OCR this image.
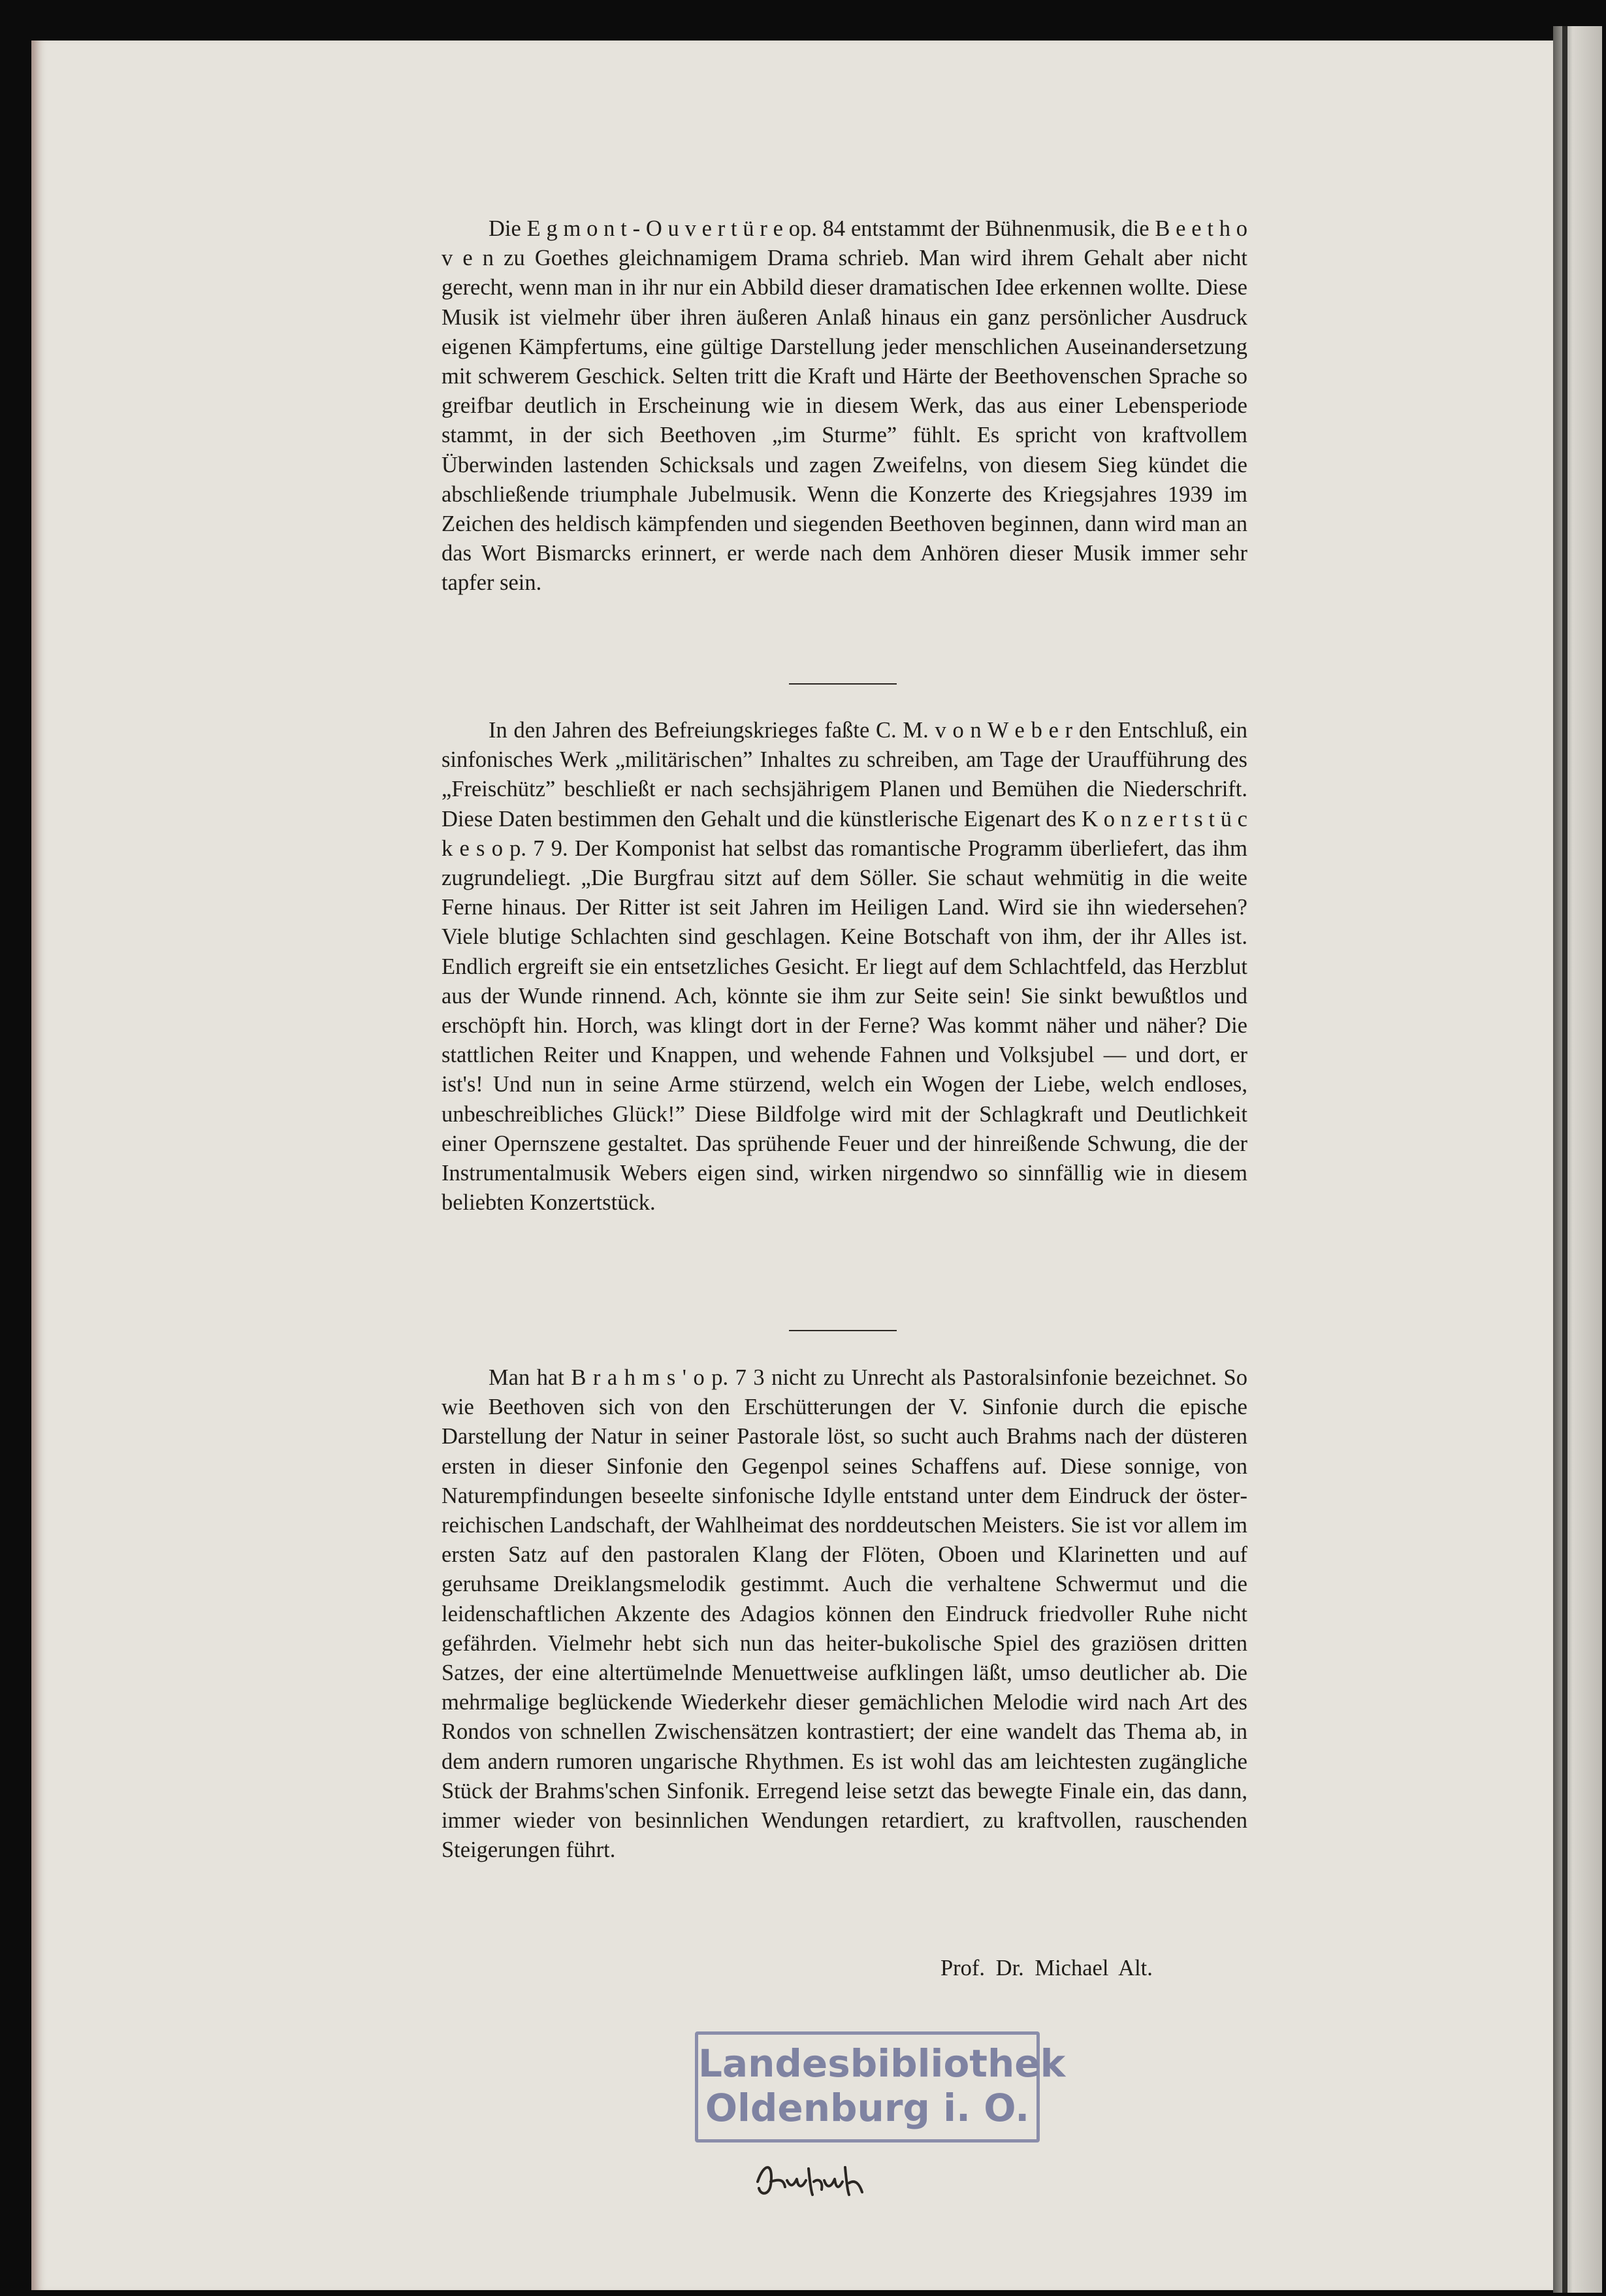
Die E g m o n t - O u v e r t ü r e op. 84 entstammt der Bühnenmusik, die B e e t h o v e n zu Goethes gleichnamigem Drama schrieb. Man wird ihrem Gehalt aber nicht gerecht, wenn man in ihr nur ein Abbild dieser dramatischen Idee erkennen wollte. Diese Musik ist vielmehr über ihren äußeren Anlaß hinaus ein ganz persönlicher Ausdruck eigenen Kämpfertums, eine gültige Darstellung jeder menschlichen Auseinandersetzung mit schwerem Geschick. Selten tritt die Kraft und Härte der Beethovenschen Sprache so greifbar deutlich in Erscheinung wie in diesem Werk, das aus einer Lebensperiode stammt, in der sich Beethoven „im Sturme” fühlt. Es spricht von kraftvollem Überwinden lastenden Schicksals und zagen Zweifelns, von diesem Sieg kündet die abschließende triumphale Jubelmusik. Wenn die Konzerte des Kriegsjahres 1939 im Zeichen des heldisch kämpfenden und siegenden Beethoven beginnen, dann wird man an das Wort Bismarcks erinnert, er werde nach dem Anhören dieser Musik immer sehr tapfer sein.

In den Jahren des Befreiungskrieges faßte C. M. v o n W e b e r den Entschluß, ein sinfonisches Werk „militärischen” Inhaltes zu schreiben, am Tage der Uraufführung des „Freischütz” beschließt er nach sechsjährigem Planen und Bemühen die Niederschrift. Diese Daten bestimmen den Gehalt und die künstlerische Eigenart des K o n z e r t s t ü c k e s o p. 7 9. Der Komponist hat selbst das romantische Programm überliefert, das ihm zugrundeliegt. „Die Burgfrau sitzt auf dem Söller. Sie schaut wehmütig in die weite Ferne hinaus. Der Ritter ist seit Jahren im Heiligen Land. Wird sie ihn wiedersehen? Viele blutige Schlachten sind geschlagen. Keine Botschaft von ihm, der ihr Alles ist. Endlich ergreift sie ein entsetzliches Gesicht. Er liegt auf dem Schlachtfeld, das Herzblut aus der Wunde rinnend. Ach, könnte sie ihm zur Seite sein! Sie sinkt bewußtlos und erschöpft hin. Horch, was klingt dort in der Ferne? Was kommt näher und näher? Die stattlichen Reiter und Knappen, und wehende Fahnen und Volksjubel — und dort, er ist's! Und nun in seine Arme stürzend, welch ein Wogen der Liebe, welch endloses, unbeschreibliches Glück!” Diese Bildfolge wird mit der Schlagkraft und Deutlichkeit einer Opernszene gestaltet. Das sprühende Feuer und der hinreißende Schwung, die der Instrumentalmusik Webers eigen sind, wirken nirgendwo so sinnfällig wie in diesem beliebten Konzertstück.

Man hat B r a h m s ' o p. 7 3 nicht zu Unrecht als Pastoralsinfonie bezeichnet. So wie Beethoven sich von den Erschütterungen der V. Sinfonie durch die epische Darstellung der Natur in seiner Pastorale löst, so sucht auch Brahms nach der düsteren ersten in dieser Sinfonie den Gegenpol seines Schaffens auf. Diese sonnige, von Naturempfindungen beseelte sinfonische Idylle entstand unter dem Eindruck der österreichischen Landschaft, der Wahlheimat des norddeutschen Meisters. Sie ist vor allem im ersten Satz auf den pastoralen Klang der Flöten, Oboen und Klarinetten und auf geruhsame Dreiklangsmelodik gestimmt. Auch die verhaltene Schwermut und die leidenschaftlichen Akzente des Adagios können den Eindruck friedvoller Ruhe nicht gefährden. Vielmehr hebt sich nun das heiter-bukolische Spiel des graziösen dritten Satzes, der eine altertümelnde Menuettweise aufklingen läßt, umso deutlicher ab. Die mehrmalige beglückende Wiederkehr dieser gemächlichen Melodie wird nach Art des Rondos von schnellen Zwischensätzen kontrastiert; der eine wandelt das Thema ab, in dem andern rumoren ungarische Rhythmen. Es ist wohl das am leichtesten zugängliche Stück der Brahms'schen Sinfonik. Erregend leise setzt das bewegte Finale ein, das dann, immer wieder von besinnlichen Wendungen retardiert, zu kraftvollen, rauschenden Steigerungen führt.

Prof. Dr. Michael Alt.
Landesbibliothek
Oldenburg i. O.
